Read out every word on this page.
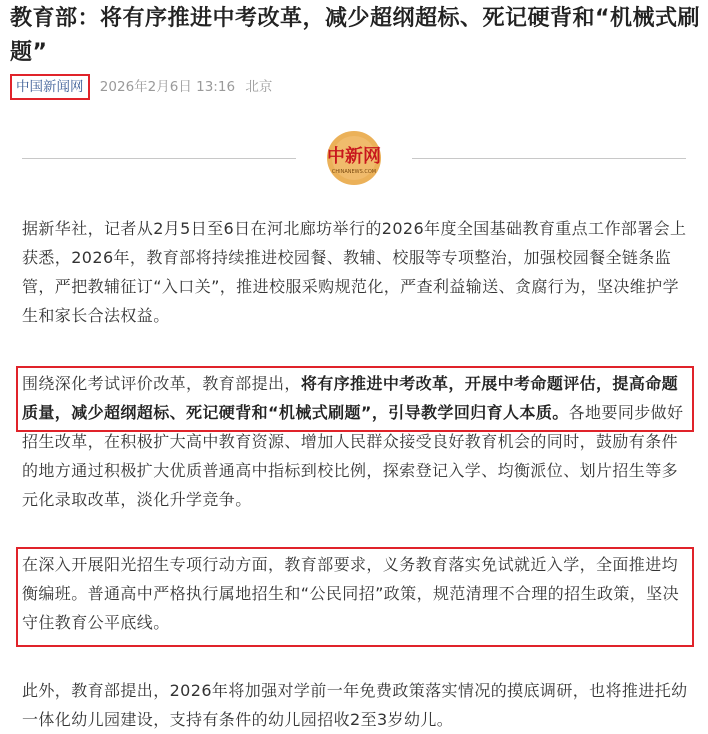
教育部：将有序推进中考改革，减少超纲超标、死记硬背和“机械式刷题”
中国新闻网 2026年2月6日 13:16 北京
中新网
CHINANEWS.COM

据新华社，记者从2月5日至6日在河北廊坊举行的2026年度全国基础教育重点工作部署会上获悉，2026年，教育部将持续推进校园餐、教辅、校服等专项整治，加强校园餐全链条监管，严把教辅征订“入口关”，推进校服采购规范化，严查利益输送、贪腐行为，坚决维护学生和家长合法权益。

围绕深化考试评价改革，教育部提出，将有序推进中考改革，开展中考命题评估，提高命题质量，减少超纲超标、死记硬背和“机械式刷题”，引导教学回归育人本质。各地要同步做好招生改革，在积极扩大高中教育资源、增加人民群众接受良好教育机会的同时，鼓励有条件的地方通过积极扩大优质普通高中指标到校比例，探索登记入学、均衡派位、划片招生等多元化录取改革，淡化升学竞争。

在深入开展阳光招生专项行动方面，教育部要求，义务教育落实免试就近入学，全面推进均衡编班。普通高中严格执行属地招生和“公民同招”政策，规范清理不合理的招生政策，坚决守住教育公平底线。

此外，教育部提出，2026年将加强对学前一年免费政策落实情况的摸底调研，也将推进托幼一体化幼儿园建设，支持有条件的幼儿园招收2至3岁幼儿。
